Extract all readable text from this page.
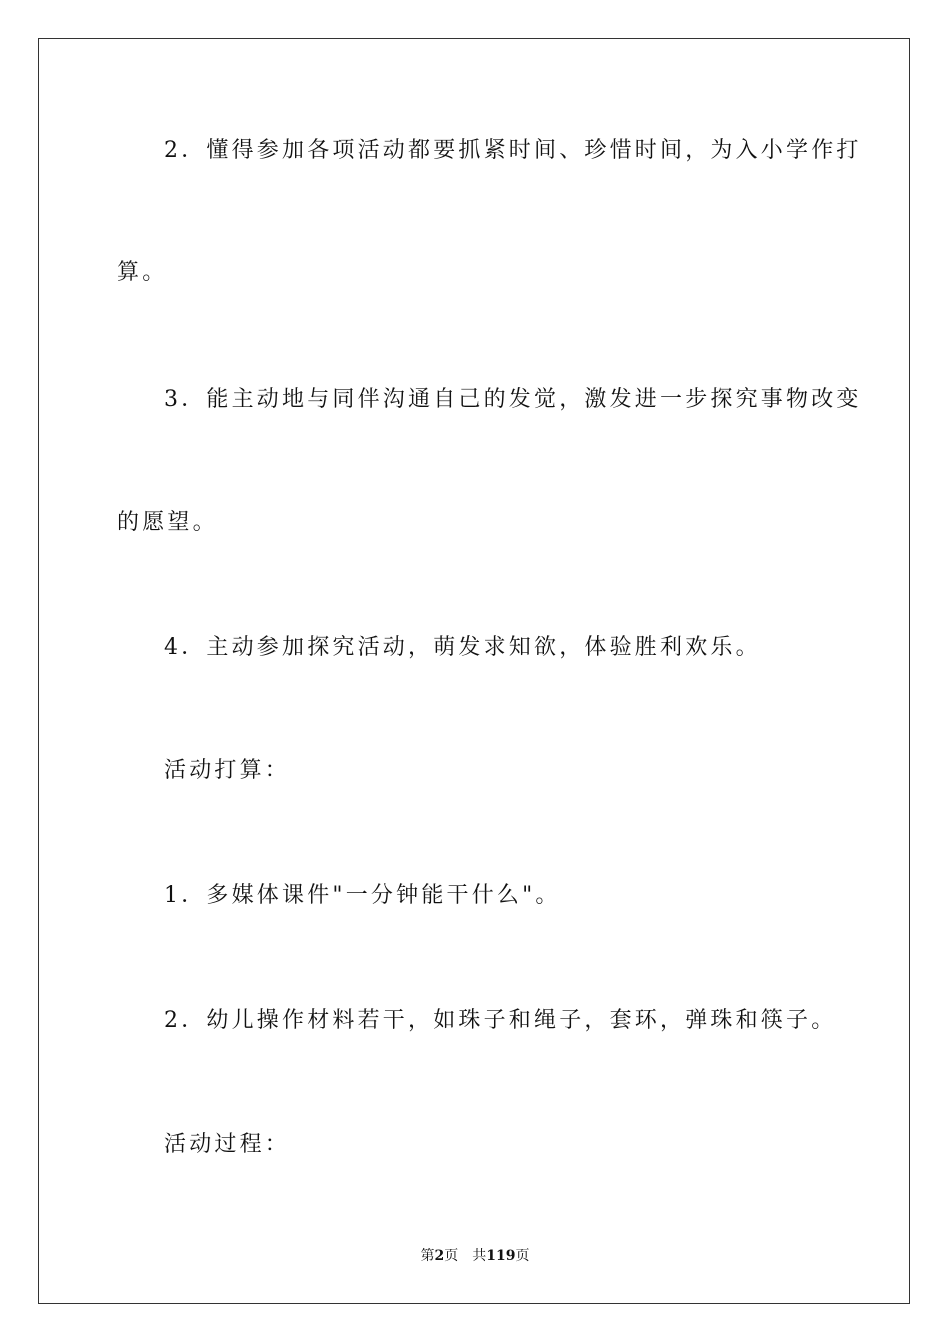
2．懂得参加各项活动都要抓紧时间、珍惜时间，为入小学作打
算。
3．能主动地与同伴沟通自己的发觉，激发进一步探究事物改变
的愿望。
4．主动参加探究活动，萌发求知欲，体验胜利欢乐。
活动打算：
1．多媒体课件"一分钟能干什么"。
2．幼儿操作材料若干，如珠子和绳子，套环，弹珠和筷子。
活动过程：
第2页 共119页
